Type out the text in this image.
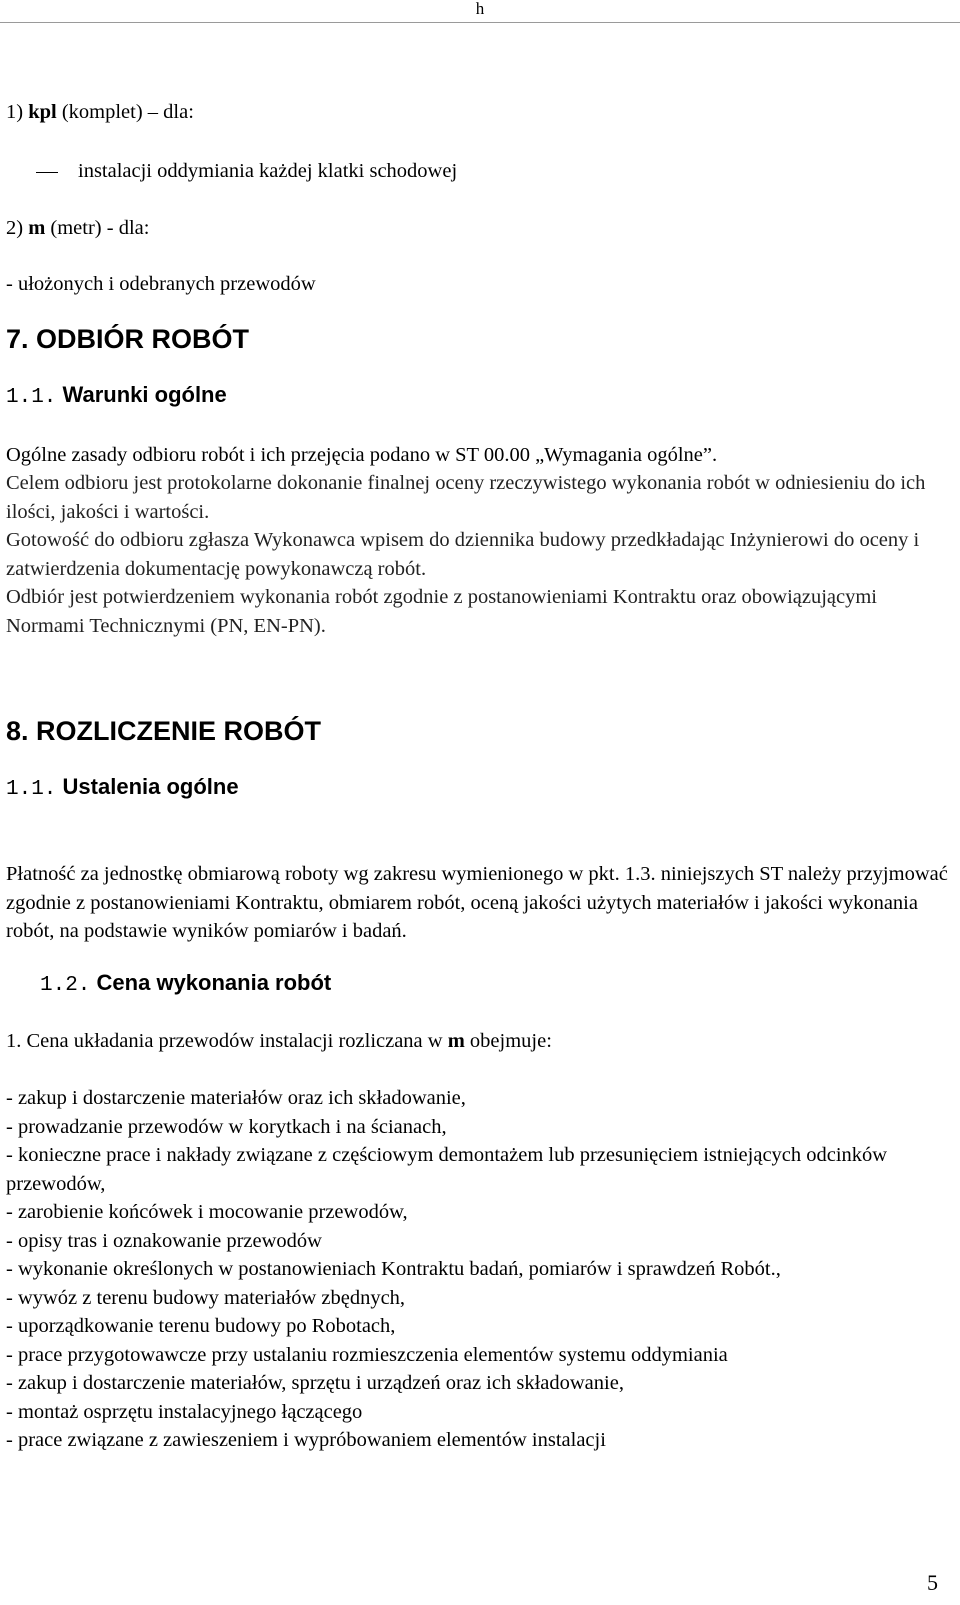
h
1) kpl (komplet) – dla:
instalacji oddymiania każdej klatki schodowej
2) m (metr) - dla:
- ułożonych i odebranych przewodów
7. ODBIÓR ROBÓT
1.1. Warunki ogólne
Ogólne zasady odbioru robót i ich przejęcia podano w ST 00.00 „Wymagania ogólne”.
Celem odbioru jest protokolarne dokonanie finalnej oceny rzeczywistego wykonania robót w odniesieniu do ich ilości, jakości i wartości.
Gotowość do odbioru zgłasza Wykonawca wpisem do dziennika budowy przedkładając Inżynierowi do oceny i zatwierdzenia dokumentację powykonawczą robót.
Odbiór jest potwierdzeniem wykonania robót zgodnie z postanowieniami Kontraktu oraz obowiązującymi Normami Technicznymi (PN, EN-PN).
8. ROZLICZENIE ROBÓT
1.1. Ustalenia ogólne
Płatność za jednostkę obmiarową roboty wg zakresu wymienionego w pkt. 1.3. niniejszych ST należy przyjmować zgodnie z postanowieniami Kontraktu, obmiarem robót, oceną jakości użytych materiałów i jakości wykonania robót, na podstawie wyników pomiarów i badań.
1.2. Cena wykonania robót
1. Cena układania przewodów instalacji rozliczana w m obejmuje:
- zakup i dostarczenie materiałów oraz ich składowanie,
- prowadzanie przewodów w korytkach i na ścianach,
- konieczne prace i nakłady związane z częściowym demontażem lub przesunięciem istniejących odcinków przewodów,
- zarobienie końcówek i mocowanie przewodów,
- opisy tras i oznakowanie przewodów
- wykonanie określonych w postanowieniach Kontraktu badań, pomiarów i sprawdzeń Robót.,
- wywóz z terenu budowy materiałów zbędnych,
- uporządkowanie terenu budowy po Robotach,
- prace przygotowawcze przy ustalaniu rozmieszczenia elementów systemu oddymiania
- zakup i dostarczenie materiałów, sprzętu i urządzeń oraz ich składowanie,
- montaż osprzętu instalacyjnego łączącego
- prace związane z zawieszeniem i wypróbowaniem elementów instalacji
5
